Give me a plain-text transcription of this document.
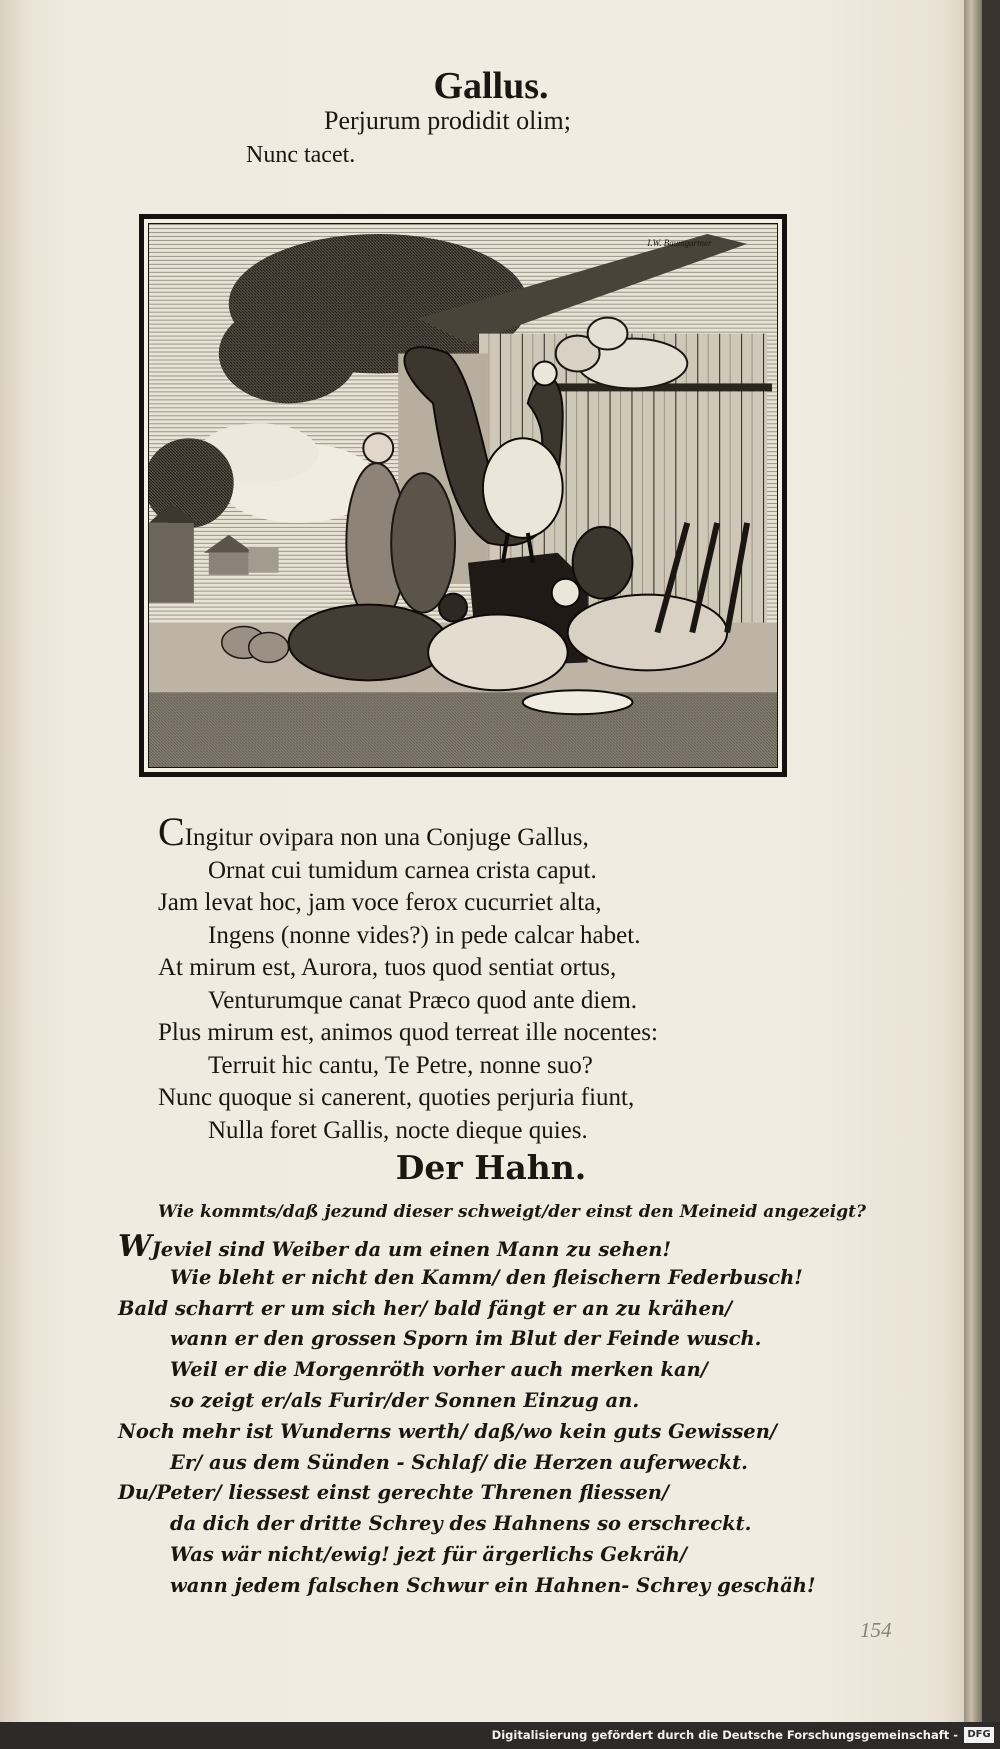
Gallus.
Perjurum prodidit olim;
Nunc tacet.
I.W. Baumgartner
CIngitur ovipara non una Conjuge Gallus,
Ornat cui tumidum carnea crista caput.
Jam levat hoc, jam voce ferox cucurriet alta,
Ingens (nonne vides?) in pede calcar habet.
At mirum est, Aurora, tuos quod sentiat ortus,
Venturumque canat Præco quod ante diem.
Plus mirum est, animos quod terreat ille nocentes:
Terruit hic cantu, Te Petre, nonne suo?
Nunc quoque si canerent, quoties perjuria fiunt,
Nulla foret Gallis, nocte dieque quies.
Der Hahn.
Wie kommts/daß jezund dieser schweigt/der einst den Meineid angezeigt?
WJeviel sind Weiber da um einen Mann zu sehen!
Wie bleht er nicht den Kamm/ den fleischern Federbusch!
Bald scharrt er um sich her/ bald fängt er an zu krähen/
wann er den grossen Sporn im Blut der Feinde wusch.
Weil er die Morgenröth vorher auch merken kan/
so zeigt er/als Furir/der Sonnen Einzug an.
Noch mehr ist Wunderns werth/ daß/wo kein guts Gewissen/
Er/ aus dem Sünden - Schlaf/ die Herzen auferweckt.
Du/Peter/ liessest einst gerechte Threnen fliessen/
da dich der dritte Schrey des Hahnens so erschreckt.
Was wär nicht/ewig! jezt für ärgerlichs Gekräh/
wann jedem falschen Schwur ein Hahnen- Schrey geschäh!
154
Digitalisierung gefördert durch die Deutsche Forschungsgemeinschaft - DFG
